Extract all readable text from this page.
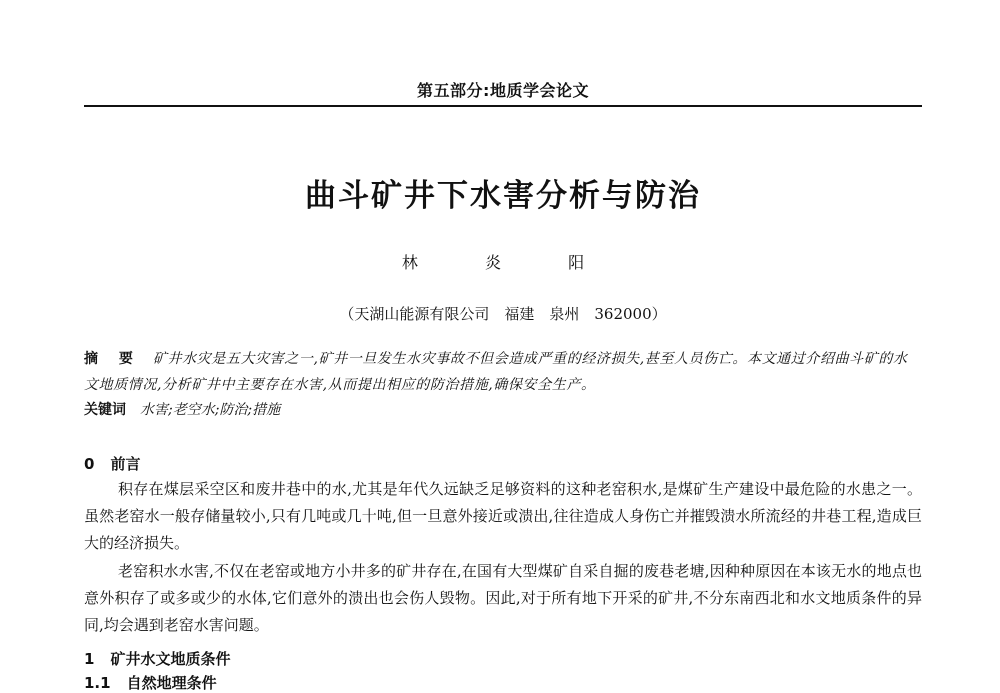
第五部分:地质学会论文
曲斗矿井下水害分析与防治
林 炎 阳
（天湖山能源有限公司　福建　泉州　362000）
摘 要 矿井水灾是五大灾害之一,矿井一旦发生水灾事故不但会造成严重的经济损失,甚至人员伤亡。本文通过介绍曲斗矿的水文地质情况,分析矿井中主要存在水害,从而提出相应的防治措施,确保安全生产。
关键词 水害;老空水;防治;措施
0 前言
积存在煤层采空区和废井巷中的水,尤其是年代久远缺乏足够资料的这种老窑积水,是煤矿生产建设中最危险的水患之一。虽然老窑水一般存储量较小,只有几吨或几十吨,但一旦意外接近或溃出,往往造成人身伤亡并摧毁溃水所流经的井巷工程,造成巨大的经济损失。
老窑积水水害,不仅在老窑或地方小井多的矿井存在,在国有大型煤矿自采自掘的废巷老塘,因种种原因在本该无水的地点也意外积存了或多或少的水体,它们意外的溃出也会伤人毁物。因此,对于所有地下开采的矿井,不分东南西北和水文地质条件的异同,均会遇到老窑水害问题。
1 矿井水文地质条件
1.1 自然地理条件
